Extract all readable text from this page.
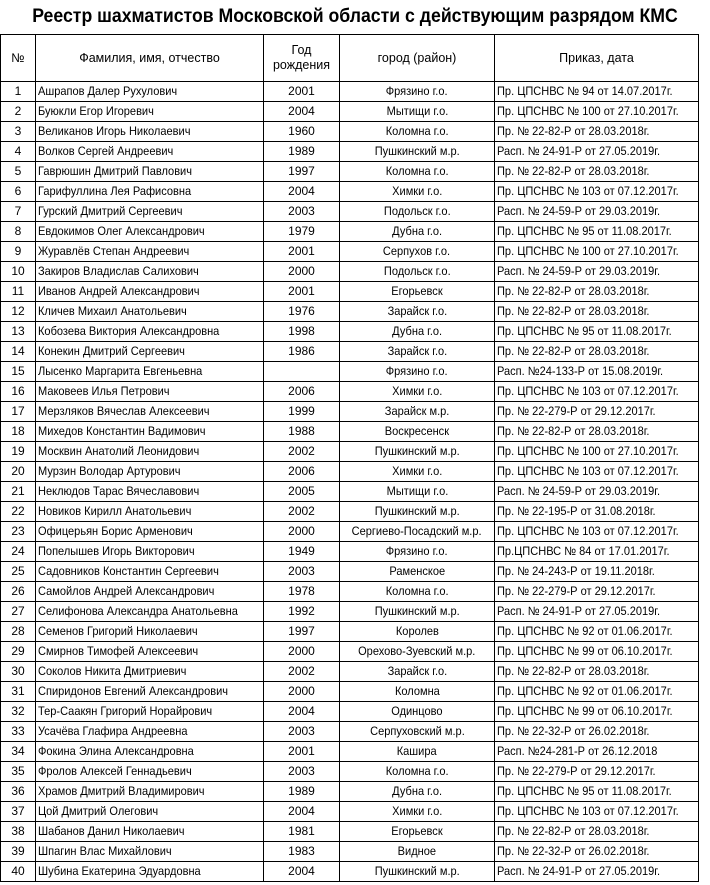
Реестр шахматистов Московской области с действующим разрядом КМС
№	Фамилия, имя, отчество	Год рождения	город (район)	Приказ, дата
1	Ашрапов Далер Рухулович	2001	Фрязино г.о.	Пр. ЦПСНВС № 94 от 14.07.2017г.
2	Буюкли Егор Игоревич	2004	Мытищи г.о.	Пр. ЦПСНВС № 100 от 27.10.2017г.
3	Великанов Игорь Николаевич	1960	Коломна г.о.	Пр. № 22-82-Р от 28.03.2018г.
4	Волков Сергей Андреевич	1989	Пушкинский м.р.	Расп. № 24-91-Р от 27.05.2019г.
5	Гаврюшин Дмитрий Павлович	1997	Коломна г.о.	Пр. № 22-82-Р от 28.03.2018г.
6	Гарифуллина Лея Рафисовна	2004	Химки г.о.	Пр. ЦПСНВС № 103 от 07.12.2017г.
7	Гурский Дмитрий Сергеевич	2003	Подольск г.о.	Расп. № 24-59-Р от 29.03.2019г.
8	Евдокимов Олег Александрович	1979	Дубна г.о.	Пр. ЦПСНВС № 95 от 11.08.2017г.
9	Журавлёв Степан Андреевич	2001	Серпухов г.о.	Пр. ЦПСНВС № 100 от 27.10.2017г.
10	Закиров Владислав Салихович	2000	Подольск г.о.	Расп. № 24-59-Р от 29.03.2019г.
11	Иванов Андрей Александрович	2001	Егорьевск	Пр. № 22-82-Р от 28.03.2018г.
12	Кличев Михаил Анатольевич	1976	Зарайск г.о.	Пр. № 22-82-Р от 28.03.2018г.
13	Кобозева Виктория Александровна	1998	Дубна г.о.	Пр. ЦПСНВС № 95 от 11.08.2017г.
14	Конекин Дмитрий Сергеевич	1986	Зарайск г.о.	Пр. № 22-82-Р от 28.03.2018г.
15	Лысенко Маргарита Евгеньевна		Фрязино г.о.	Расп. №24-133-Р от 15.08.2019г.
16	Маковеев Илья Петрович	2006	Химки г.о.	Пр. ЦПСНВС № 103 от 07.12.2017г.
17	Мерзляков Вячеслав Алексеевич	1999	Зарайск м.р.	Пр. № 22-279-Р от 29.12.2017г.
18	Михедов Константин Вадимович	1988	Воскресенск	Пр. № 22-82-Р от 28.03.2018г.
19	Москвин Анатолий Леонидович	2002	Пушкинский м.р.	Пр. ЦПСНВС № 100 от 27.10.2017г.
20	Мурзин Володар Артурович	2006	Химки г.о.	Пр. ЦПСНВС № 103 от 07.12.2017г.
21	Неклюдов Тарас Вячеславович	2005	Мытищи г.о.	Расп. № 24-59-Р от 29.03.2019г.
22	Новиков Кирилл Анатольевич	2002	Пушкинский м.р.	Пр. № 22-195-Р от 31.08.2018г.
23	Офицерьян Борис Арменович	2000	Сергиево-Посадский м.р.	Пр. ЦПСНВС № 103 от 07.12.2017г.
24	Попелышев Игорь Викторович	1949	Фрязино г.о.	Пр.ЦПСНВС № 84 от 17.01.2017г.
25	Садовников Константин Сергеевич	2003	Раменское	Пр. № 24-243-Р от 19.11.2018г.
26	Самойлов Андрей Александрович	1978	Коломна г.о.	Пр. № 22-279-Р от 29.12.2017г.
27	Селифонова Александра Анатольевна	1992	Пушкинский м.р.	Расп. № 24-91-Р от 27.05.2019г.
28	Семенов Григорий Николаевич	1997	Королев	Пр. ЦПСНВС № 92 от 01.06.2017г.
29	Смирнов Тимофей Алексеевич	2000	Орехово-Зуевский м.р.	Пр. ЦПСНВС № 99 от 06.10.2017г.
30	Соколов Никита Дмитриевич	2002	Зарайск г.о.	Пр. № 22-82-Р от 28.03.2018г.
31	Спиридонов Евгений Александрович	2000	Коломна	Пр. ЦПСНВС № 92 от 01.06.2017г.
32	Тер-Саакян Григорий Норайрович	2004	Одинцово	Пр. ЦПСНВС № 99 от 06.10.2017г.
33	Усачёва Глафира Андреевна	2003	Серпуховский м.р.	Пр. № 22-32-Р от 26.02.2018г.
34	Фокина Элина Александровна	2001	Кашира	Расп. №24-281-Р от 26.12.2018
35	Фролов Алексей Геннадьевич	2003	Коломна г.о.	Пр. № 22-279-Р от 29.12.2017г.
36	Храмов Дмитрий Владимирович	1989	Дубна г.о.	Пр. ЦПСНВС № 95 от 11.08.2017г.
37	Цой Дмитрий Олегович	2004	Химки г.о.	Пр. ЦПСНВС № 103 от 07.12.2017г.
38	Шабанов Данил Николаевич	1981	Егорьевск	Пр. № 22-82-Р от 28.03.2018г.
39	Шпагин Влас Михайлович	1983	Видное	Пр. № 22-32-Р от 26.02.2018г.
40	Шубина Екатерина Эдуардовна	2004	Пушкинский м.р.	Расп. № 24-91-Р от 27.05.2019г.
